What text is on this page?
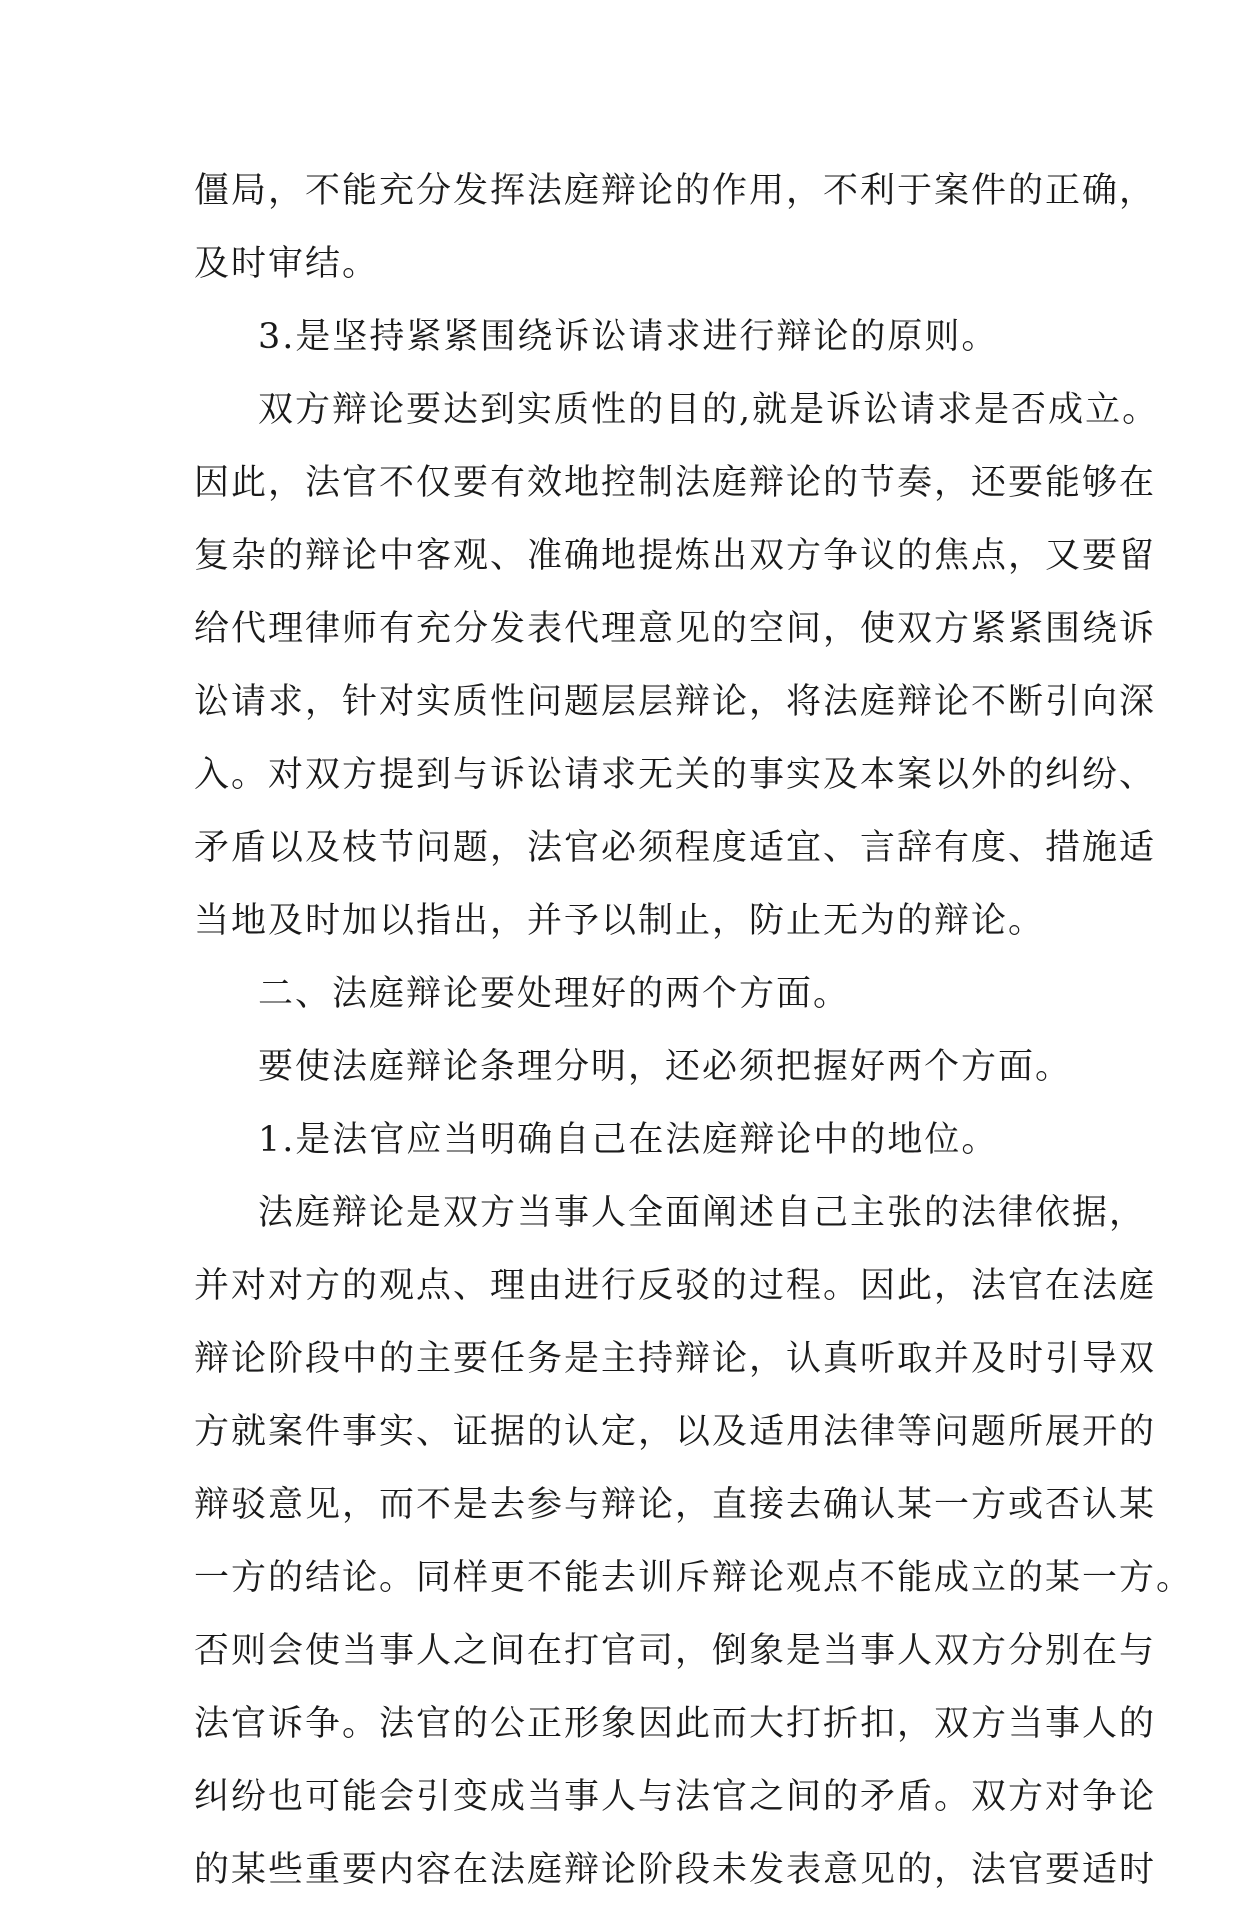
僵局，不能充分发挥法庭辩论的作用，不利于案件的正确，
及时审结。
3.是坚持紧紧围绕诉讼请求进行辩论的原则。
双方辩论要达到实质性的目的,就是诉讼请求是否成立。
因此，法官不仅要有效地控制法庭辩论的节奏，还要能够在
复杂的辩论中客观、准确地提炼出双方争议的焦点，又要留
给代理律师有充分发表代理意见的空间，使双方紧紧围绕诉
讼请求，针对实质性问题层层辩论，将法庭辩论不断引向深
入。对双方提到与诉讼请求无关的事实及本案以外的纠纷、
矛盾以及枝节问题，法官必须程度适宜、言辞有度、措施适
当地及时加以指出，并予以制止，防止无为的辩论。
二、法庭辩论要处理好的两个方面。
要使法庭辩论条理分明，还必须把握好两个方面。
1.是法官应当明确自己在法庭辩论中的地位。
法庭辩论是双方当事人全面阐述自己主张的法律依据，
并对对方的观点、理由进行反驳的过程。因此，法官在法庭
辩论阶段中的主要任务是主持辩论，认真听取并及时引导双
方就案件事实、证据的认定，以及适用法律等问题所展开的
辩驳意见，而不是去参与辩论，直接去确认某一方或否认某
一方的结论。同样更不能去训斥辩论观点不能成立的某一方。
否则会使当事人之间在打官司，倒象是当事人双方分别在与
法官诉争。法官的公正形象因此而大打折扣，双方当事人的
纠纷也可能会引变成当事人与法官之间的矛盾。双方对争论
的某些重要内容在法庭辩论阶段未发表意见的，法官要适时
